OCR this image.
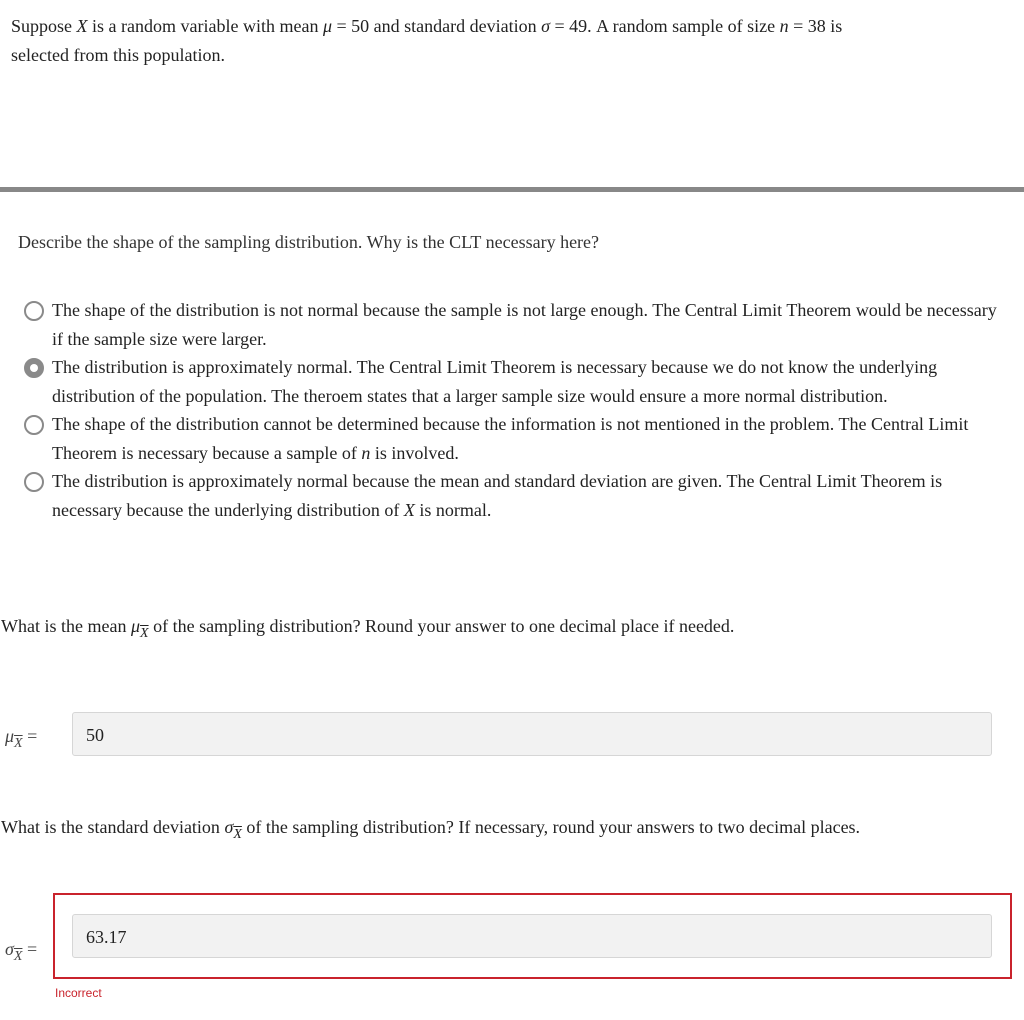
Suppose X is a random variable with mean μ = 50 and standard deviation σ = 49. A random sample of size n = 38 is
selected from this population.
Describe the shape of the sampling distribution. Why is the CLT necessary here?
The shape of the distribution is not normal because the sample is not large enough. The Central Limit Theorem would be necessary if the sample size were larger.
The distribution is approximately normal. The Central Limit Theorem is necessary because we do not know the underlying distribution of the population. The theroem states that a larger sample size would ensure a more normal distribution.
The shape of the distribution cannot be determined because the information is not mentioned in the problem. The Central Limit Theorem is necessary because a sample of n is involved.
The distribution is approximately normal because the mean and standard deviation are given. The Central Limit Theorem is necessary because the underlying distribution of X is normal.
What is the mean $\mu_{\overline{X}}$ of the sampling distribution? Round your answer to one decimal place if needed.
$\mu_{\overline{X}}$ =	50
What is the standard deviation $\sigma_{\overline{X}}$ of the sampling distribution? If necessary, round your answers to two decimal places.
$\sigma_{\overline{X}}$ =
63.17
Incorrect
